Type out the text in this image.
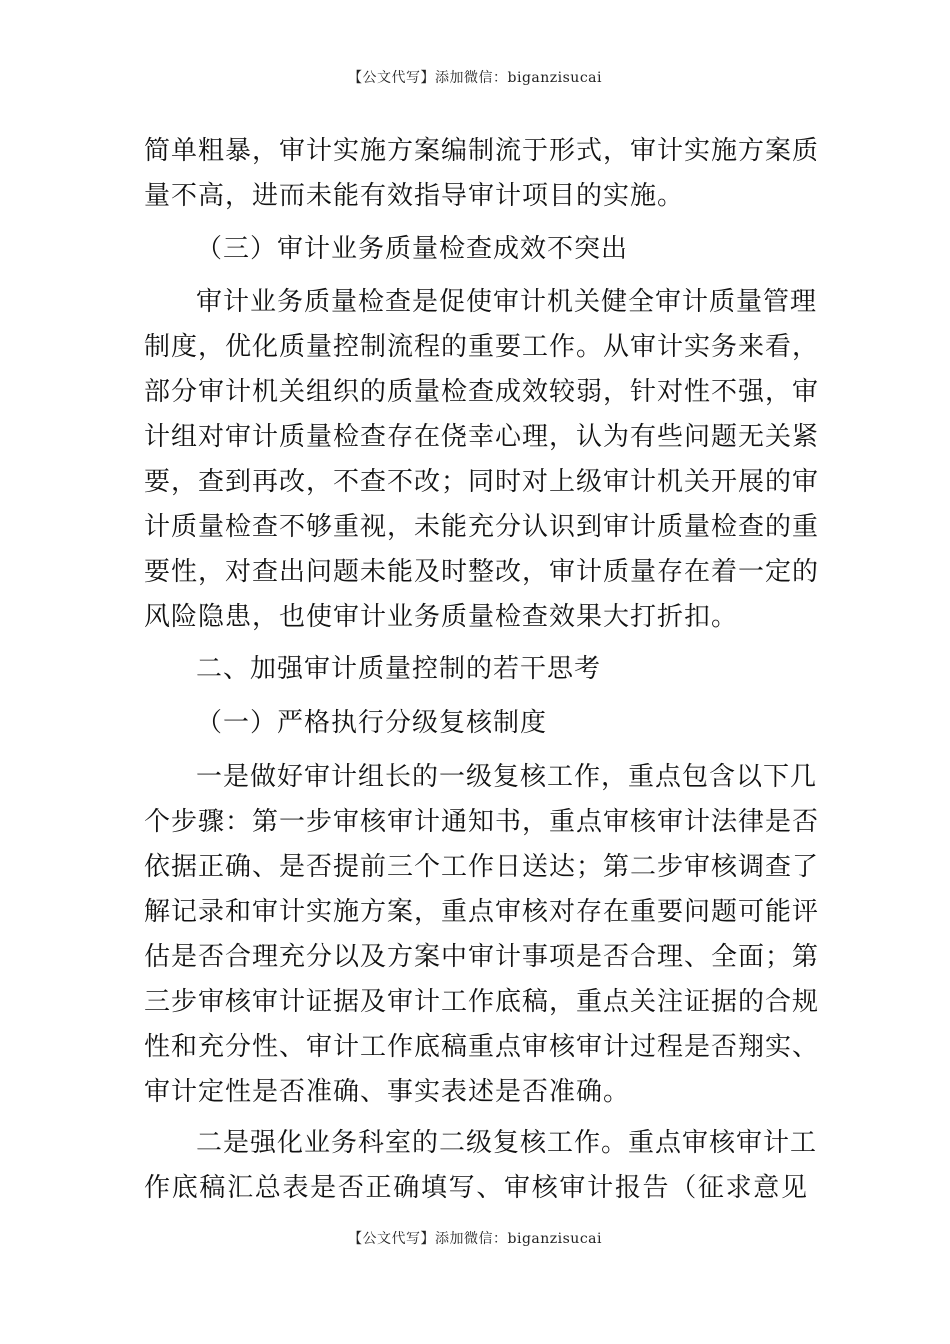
【公文代写】添加微信：biganzisucai
简单粗暴，审计实施方案编制流于形式，审计实施方案质
量不高，进而未能有效指导审计项目的实施。
（三）审计业务质量检查成效不突出
审计业务质量检查是促使审计机关健全审计质量管理
制度，优化质量控制流程的重要工作。从审计实务来看，
部分审计机关组织的质量检查成效较弱，针对性不强，审
计组对审计质量检查存在侥幸心理，认为有些问题无关紧
要，查到再改，不查不改；同时对上级审计机关开展的审
计质量检查不够重视，未能充分认识到审计质量检查的重
要性，对查出问题未能及时整改，审计质量存在着一定的
风险隐患，也使审计业务质量检查效果大打折扣。
二、加强审计质量控制的若干思考
（一）严格执行分级复核制度
一是做好审计组长的一级复核工作，重点包含以下几
个步骤：第一步审核审计通知书，重点审核审计法律是否
依据正确、是否提前三个工作日送达；第二步审核调查了
解记录和审计实施方案，重点审核对存在重要问题可能评
估是否合理充分以及方案中审计事项是否合理、全面；第
三步审核审计证据及审计工作底稿，重点关注证据的合规
性和充分性、审计工作底稿重点审核审计过程是否翔实、
审计定性是否准确、事实表述是否准确。
二是强化业务科室的二级复核工作。重点审核审计工
作底稿汇总表是否正确填写、审核审计报告（征求意见
【公文代写】添加微信：biganzisucai
